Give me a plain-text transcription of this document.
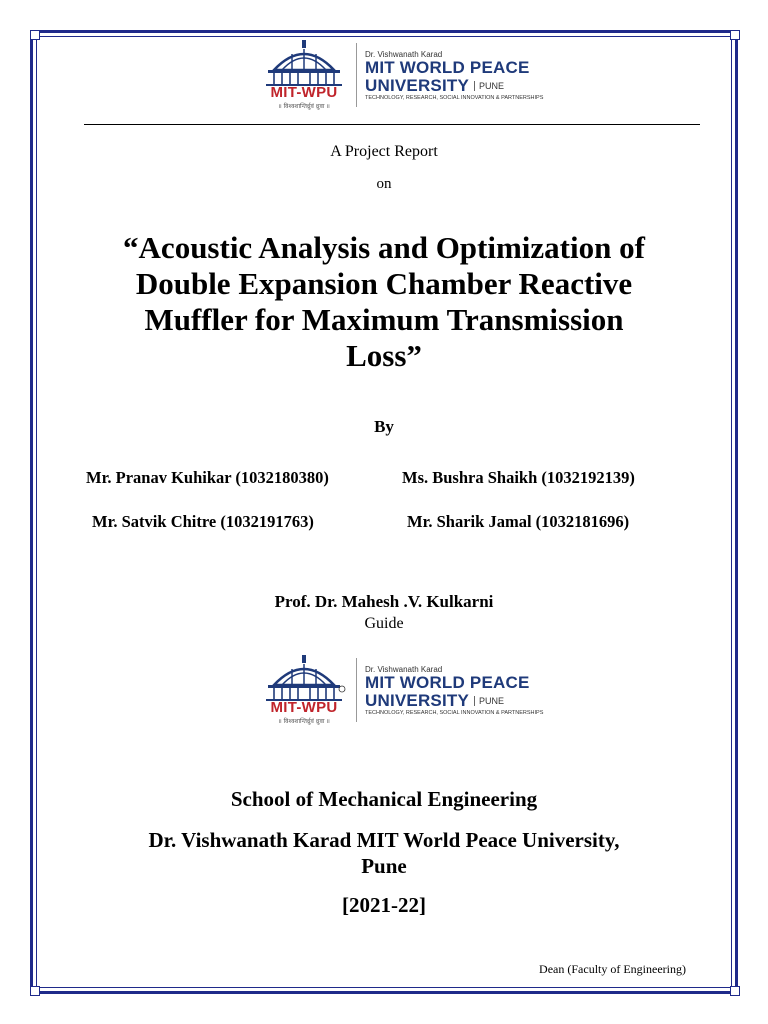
MIT-WPU
॥ विश्वशान्तिर्ध्रुवं ध्रुवा ॥
Dr. Vishwanath Karad
MIT WORLD PEACE
UNIVERSITY	PUNE
TECHNOLOGY, RESEARCH, SOCIAL INNOVATION & PARTNERSHIPS
A Project Report
on
“Acoustic Analysis and Optimization of
Double Expansion Chamber Reactive
Muffler for Maximum Transmission
Loss”
By
Mr. Pranav Kuhikar (1032180380)	Ms. Bushra Shaikh (1032192139)
Mr. Satvik Chitre (1032191763)	Mr. Sharik Jamal (1032181696)
Prof. Dr. Mahesh .V. Kulkarni
Guide
MIT-WPU
॥ विश्वशान्तिर्ध्रुवं ध्रुवा ॥
Dr. Vishwanath Karad
MIT WORLD PEACE
UNIVERSITY	PUNE
TECHNOLOGY, RESEARCH, SOCIAL INNOVATION & PARTNERSHIPS
School of Mechanical Engineering
Dr. Vishwanath Karad MIT World Peace University,
Pune
[2021-22]
Dean (Faculty of Engineering)
